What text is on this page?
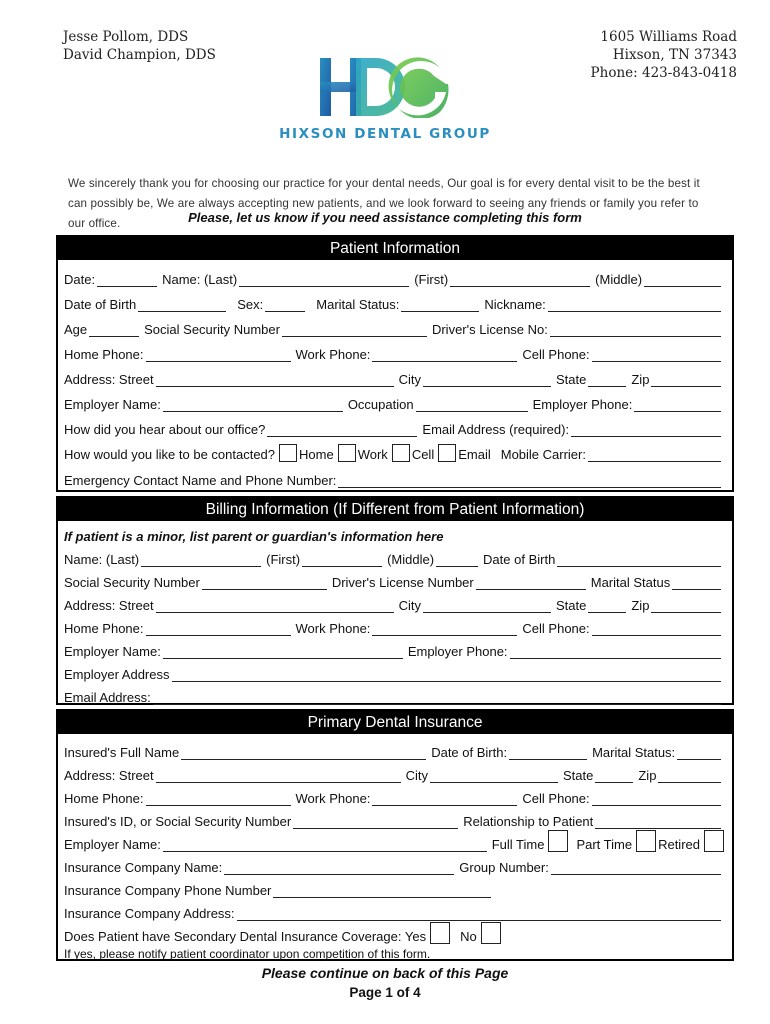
Jesse Pollom, DDS
David Champion, DDS
1605 Williams Road
Hixson, TN 37343
Phone: 423-843-0418
HIXSON DENTAL GROUP
We sincerely thank you for choosing our practice for your dental needs, Our goal is for every dental visit to be the best it can possibly be, We are always accepting new patients, and we look forward to seeing any friends or family you refer to our office.	Please, let us know if you need assistance completing this form
Patient Information
Date:	Name: (Last)	(First)	(Middle)
Date of Birth	Sex:	Marital Status:	Nickname:
Age	Social Security Number	Driver's License No:
Home Phone:	Work Phone:	Cell Phone:
Address: Street	City	State	Zip
Employer Name:	Occupation	Employer Phone:
How did you hear about our office?	Email Address (required):
How would you like to be contacted? Home Work Cell Email Mobile Carrier:
Emergency Contact Name and Phone Number:
Billing Information (If Different from Patient Information)
If patient is a minor, list parent or guardian's information here
Name: (Last)	(First)	(Middle)	Date of Birth
Social Security Number	Driver's License Number	Marital Status
Address: Street	City	State	Zip
Home Phone:	Work Phone:	Cell Phone:
Employer Name:	Employer Phone:
Employer Address
Email Address:
Primary Dental Insurance
Insured's Full Name	Date of Birth:	Marital Status:
Address: Street	City	State	Zip
Home Phone:	Work Phone:	Cell Phone:
Insured's ID, or Social Security Number	Relationship to Patient
Employer Name:	Full Time Part Time Retired
Insurance Company Name:	Group Number:
Insurance Company Phone Number
Insurance Company Address:
Does Patient have Secondary Dental Insurance Coverage: Yes	No
If yes, please notify patient coordinator upon competition of this form.
Please continue on back of this Page
Page 1 of 4
